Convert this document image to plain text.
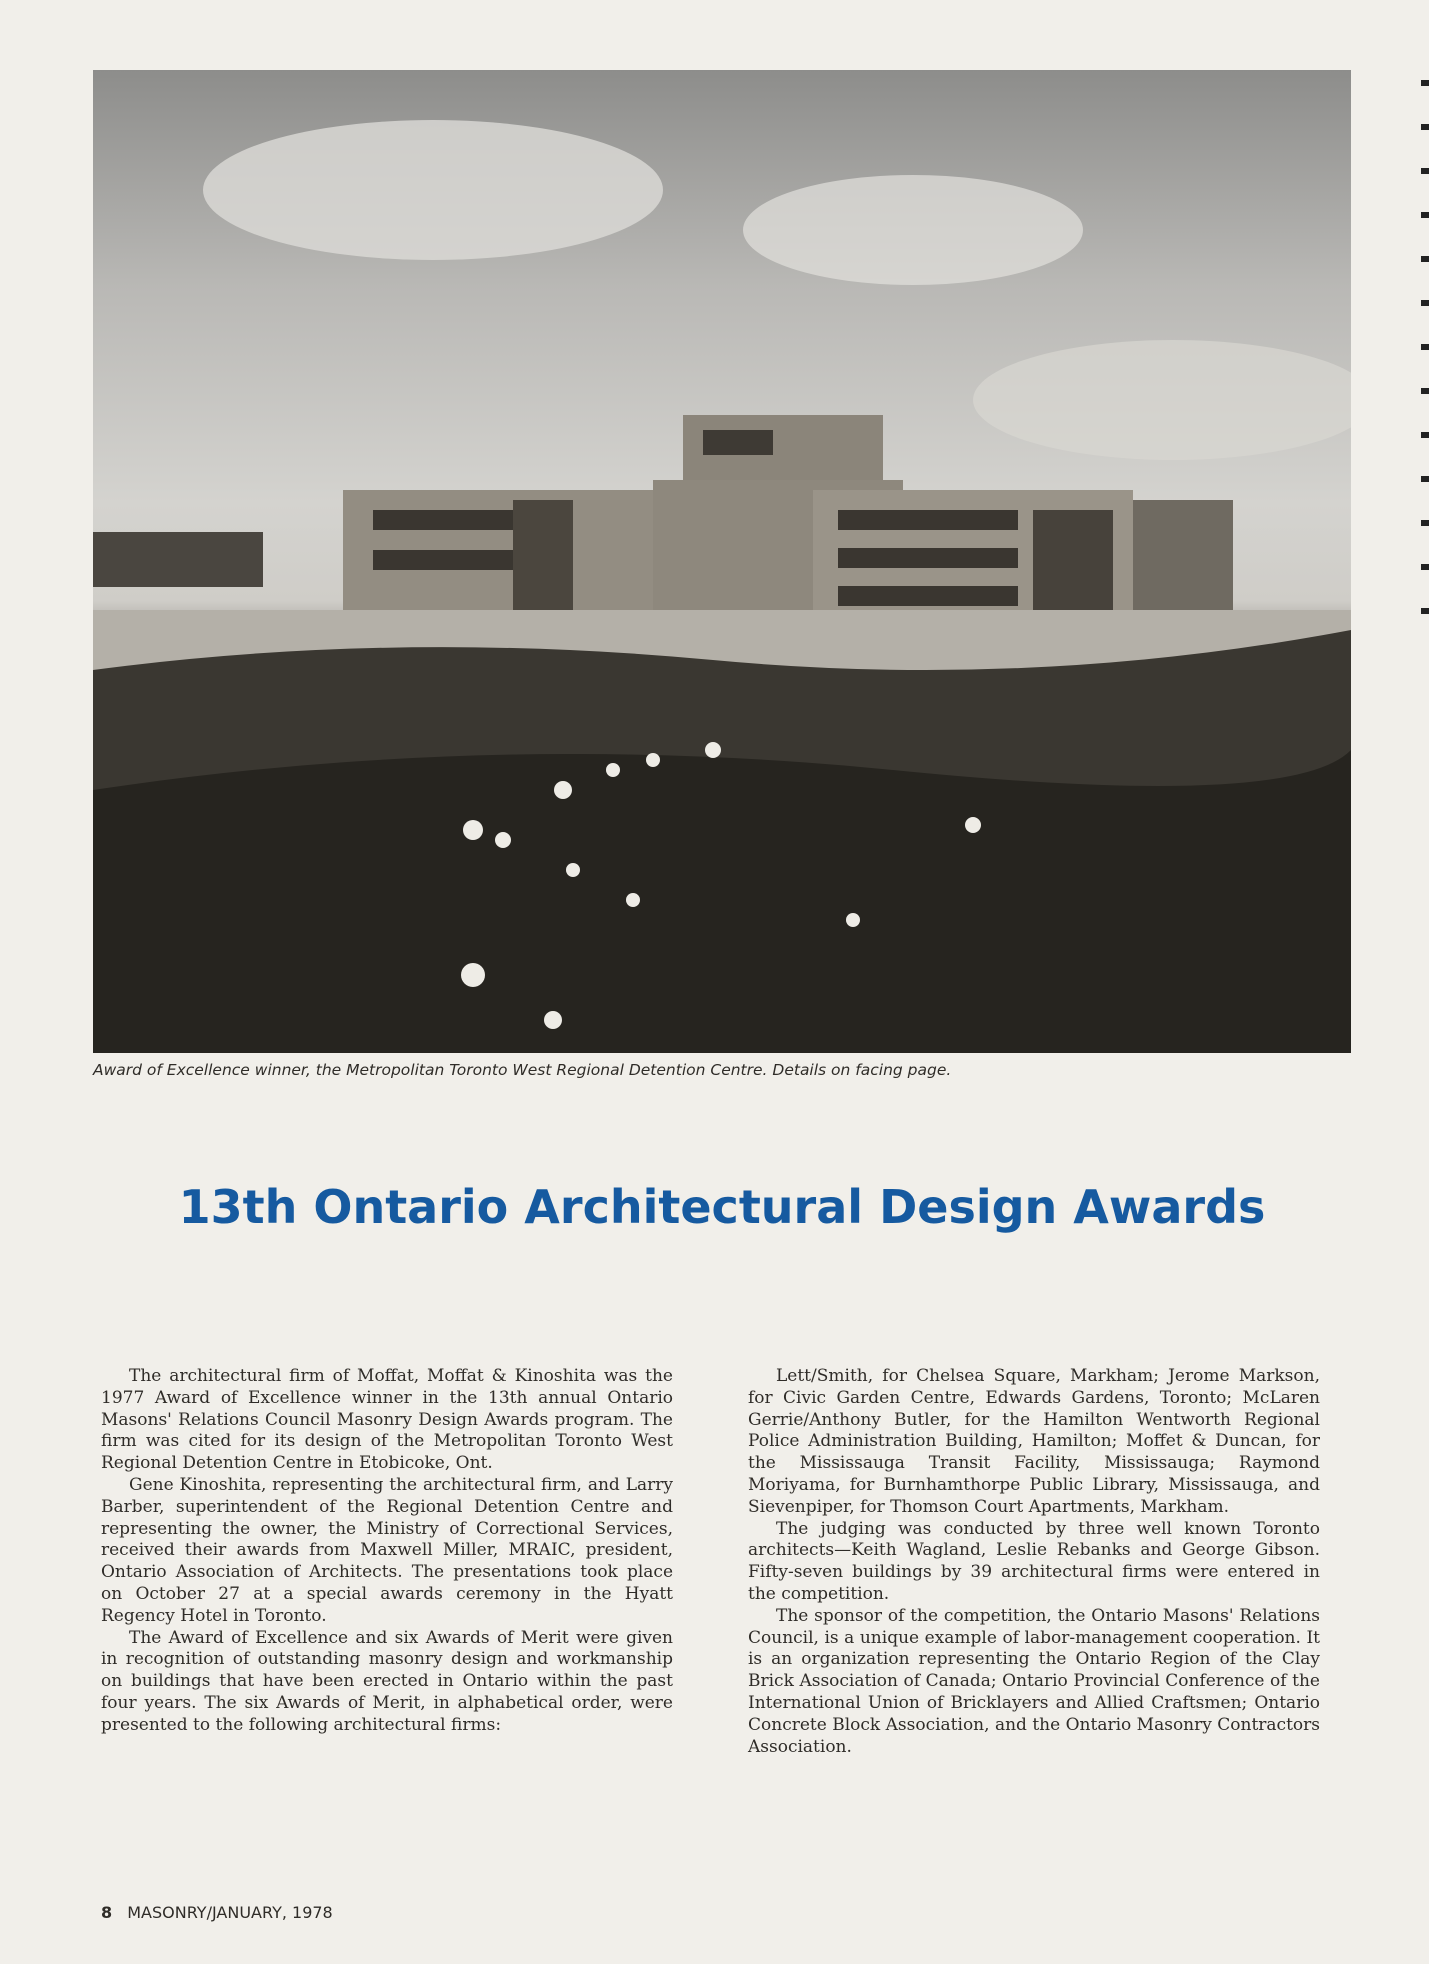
Award of Excellence winner, the Metropolitan Toronto West Regional Detention Centre. Details on facing page.
13th Ontario Architectural Design Awards

The architectural firm of Moffat, Moffat & Kinoshita was the 1977 Award of Excellence winner in the 13th annual Ontario Masons' Relations Council Masonry Design Awards program. The firm was cited for its design of the Metropolitan Toronto West Regional Detention Centre in Etobicoke, Ont.

Gene Kinoshita, representing the architectural firm, and Larry Barber, superintendent of the Regional Detention Centre and representing the owner, the Ministry of Correctional Services, received their awards from Maxwell Miller, MRAIC, president, Ontario Association of Architects. The presentations took place on October 27 at a special awards ceremony in the Hyatt Regency Hotel in Toronto.

The Award of Excellence and six Awards of Merit were given in recognition of outstanding masonry design and workmanship on buildings that have been erected in Ontario within the past four years. The six Awards of Merit, in alphabetical order, were presented to the following architectural firms:

Lett/Smith, for Chelsea Square, Markham; Jerome Markson, for Civic Garden Centre, Edwards Gardens, Toronto; McLaren Gerrie/Anthony Butler, for the Hamilton Wentworth Regional Police Administration Building, Hamilton; Moffet & Duncan, for the Mississauga Transit Facility, Mississauga; Raymond Moriyama, for Burnhamthorpe Public Library, Mississauga, and Sievenpiper, for Thomson Court Apartments, Markham.

The judging was conducted by three well known Toronto architects—Keith Wagland, Leslie Rebanks and George Gibson. Fifty-seven buildings by 39 architectural firms were entered in the competition.

The sponsor of the competition, the Ontario Masons' Relations Council, is a unique example of labor-management cooperation. It is an organization representing the Ontario Region of the Clay Brick Association of Canada; Ontario Provincial Conference of the International Union of Bricklayers and Allied Craftsmen; Ontario Concrete Block Association, and the Ontario Masonry Contractors Association.

8 MASONRY/JANUARY, 1978
